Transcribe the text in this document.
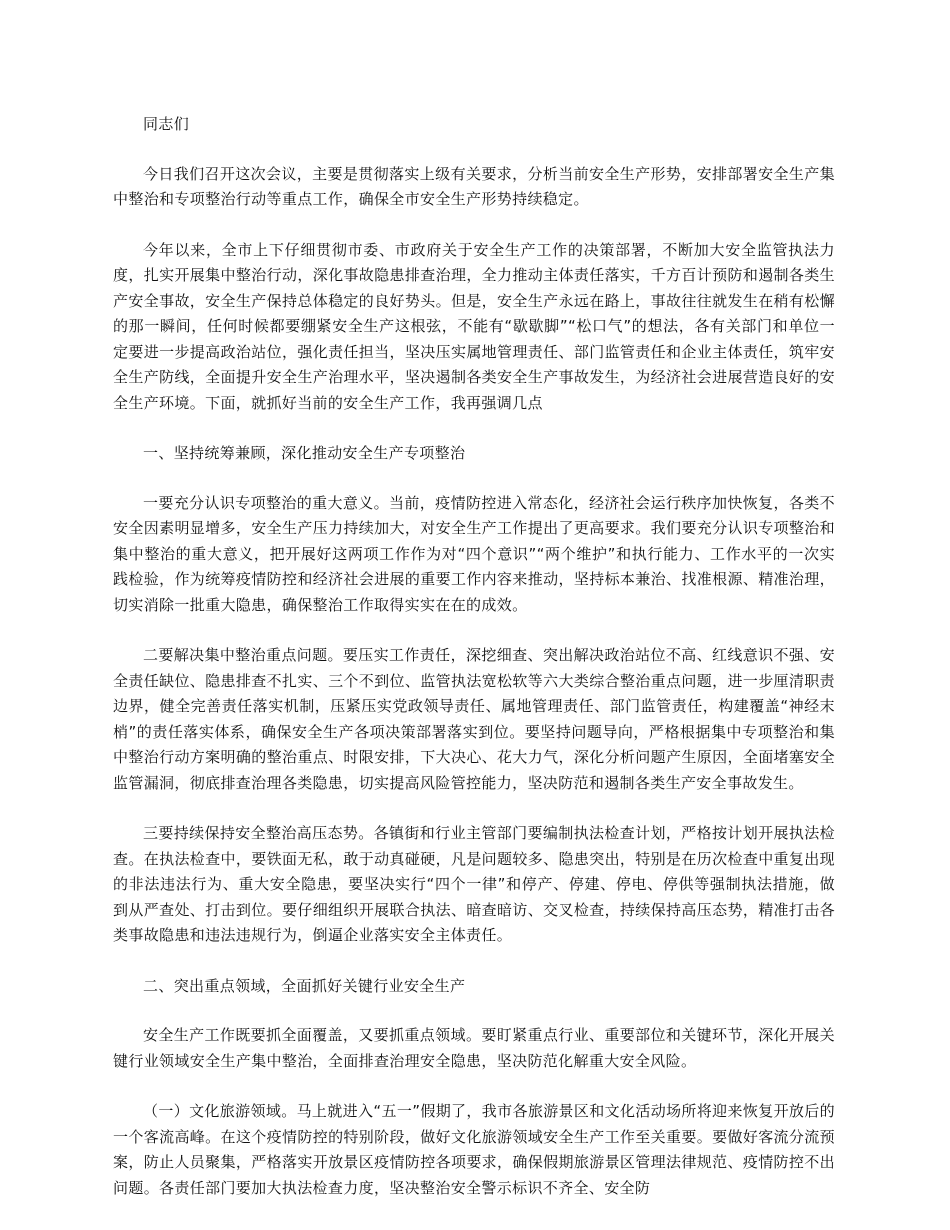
同志们

今日我们召开这次会议，主要是贯彻落实上级有关要求，分析当前安全生产形势，安排部署安全生产集中整治和专项整治行动等重点工作，确保全市安全生产形势持续稳定。

今年以来，全市上下仔细贯彻市委、市政府关于安全生产工作的决策部署，不断加大安全监管执法力度，扎实开展集中整治行动，深化事故隐患排查治理，全力推动主体责任落实，千方百计预防和遏制各类生产安全事故，安全生产保持总体稳定的良好势头。但是，安全生产永远在路上，事故往往就发生在稍有松懈的那一瞬间，任何时候都要绷紧安全生产这根弦，不能有“歇歇脚”“松口气”的想法，各有关部门和单位一定要进一步提高政治站位，强化责任担当，坚决压实属地管理责任、部门监管责任和企业主体责任，筑牢安全生产防线，全面提升安全生产治理水平，坚决遏制各类安全生产事故发生，为经济社会进展营造良好的安全生产环境。下面，就抓好当前的安全生产工作，我再强调几点

一、坚持统筹兼顾，深化推动安全生产专项整治

一要充分认识专项整治的重大意义。当前，疫情防控进入常态化，经济社会运行秩序加快恢复，各类不安全因素明显增多，安全生产压力持续加大，对安全生产工作提出了更高要求。我们要充分认识专项整治和集中整治的重大意义，把开展好这两项工作作为对“四个意识”“两个维护”和执行能力、工作水平的一次实践检验，作为统筹疫情防控和经济社会进展的重要工作内容来推动，坚持标本兼治、找准根源、精准治理，切实消除一批重大隐患，确保整治工作取得实实在在的成效。

二要解决集中整治重点问题。要压实工作责任，深挖细查、突出解决政治站位不高、红线意识不强、安全责任缺位、隐患排查不扎实、三个不到位、监管执法宽松软等六大类综合整治重点问题，进一步厘清职责边界，健全完善责任落实机制，压紧压实党政领导责任、属地管理责任、部门监管责任，构建覆盖“神经末梢”的责任落实体系，确保安全生产各项决策部署落实到位。要坚持问题导向，严格根据集中专项整治和集中整治行动方案明确的整治重点、时限安排，下大决心、花大力气，深化分析问题产生原因，全面堵塞安全监管漏洞，彻底排查治理各类隐患，切实提高风险管控能力，坚决防范和遏制各类生产安全事故发生。

三要持续保持安全整治高压态势。各镇街和行业主管部门要编制执法检查计划，严格按计划开展执法检查。在执法检查中，要铁面无私，敢于动真碰硬，凡是问题较多、隐患突出，特别是在历次检查中重复出现的非法违法行为、重大安全隐患，要坚决实行“四个一律”和停产、停建、停电、停供等强制执法措施，做到从严查处、打击到位。要仔细组织开展联合执法、暗查暗访、交叉检查，持续保持高压态势，精准打击各类事故隐患和违法违规行为，倒逼企业落实安全主体责任。

二、突出重点领域，全面抓好关键行业安全生产

安全生产工作既要抓全面覆盖，又要抓重点领域。要盯紧重点行业、重要部位和关键环节，深化开展关键行业领域安全生产集中整治，全面排查治理安全隐患，坚决防范化解重大安全风险。

（一）文化旅游领域。马上就进入“五一”假期了，我市各旅游景区和文化活动场所将迎来恢复开放后的一个客流高峰。在这个疫情防控的特别阶段，做好文化旅游领域安全生产工作至关重要。要做好客流分流预案，防止人员聚集，严格落实开放景区疫情防控各项要求，确保假期旅游景区管理法律规范、疫情防控不出问题。各责任部门要加大执法检查力度，坚决整治安全警示标识不齐全、安全防
